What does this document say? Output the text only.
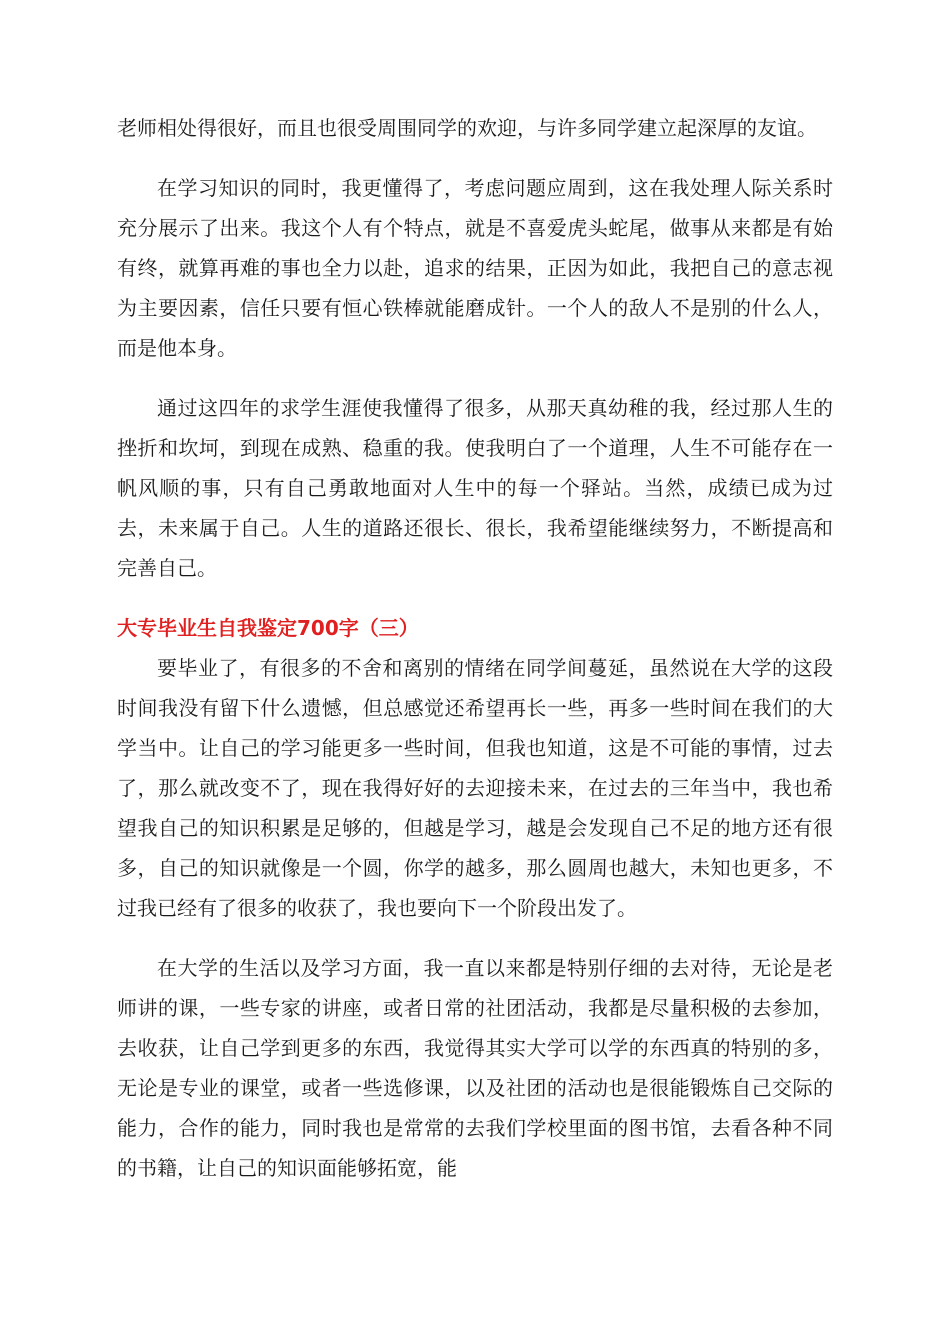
老师相处得很好，而且也很受周围同学的欢迎，与许多同学建立起深厚的友谊。

在学习知识的同时，我更懂得了，考虑问题应周到，这在我处理人际关系时充分展示了出来。我这个人有个特点，就是不喜爱虎头蛇尾，做事从来都是有始有终，就算再难的事也全力以赴，追求的结果，正因为如此，我把自己的意志视为主要因素，信任只要有恒心铁棒就能磨成针。一个人的敌人不是别的什么人，而是他本身。

通过这四年的求学生涯使我懂得了很多，从那天真幼稚的我，经过那人生的挫折和坎坷，到现在成熟、稳重的我。使我明白了一个道理，人生不可能存在一帆风顺的事，只有自己勇敢地面对人生中的每一个驿站。当然，成绩已成为过去，未来属于自己。人生的道路还很长、很长，我希望能继续努力，不断提高和完善自己。

大专毕业生自我鉴定700字（三）

要毕业了，有很多的不舍和离别的情绪在同学间蔓延，虽然说在大学的这段时间我没有留下什么遗憾，但总感觉还希望再长一些，再多一些时间在我们的大学当中。让自己的学习能更多一些时间，但我也知道，这是不可能的事情，过去了，那么就改变不了，现在我得好好的去迎接未来，在过去的三年当中，我也希望我自己的知识积累是足够的，但越是学习，越是会发现自己不足的地方还有很多，自己的知识就像是一个圆，你学的越多，那么圆周也越大，未知也更多，不过我已经有了很多的收获了，我也要向下一个阶段出发了。

在大学的生活以及学习方面，我一直以来都是特别仔细的去对待，无论是老师讲的课，一些专家的讲座，或者日常的社团活动，我都是尽量积极的去参加，去收获，让自己学到更多的东西，我觉得其实大学可以学的东西真的特别的多，无论是专业的课堂，或者一些选修课，以及社团的活动也是很能锻炼自己交际的能力，合作的能力，同时我也是常常的去我们学校里面的图书馆，去看各种不同的书籍，让自己的知识面能够拓宽，能
